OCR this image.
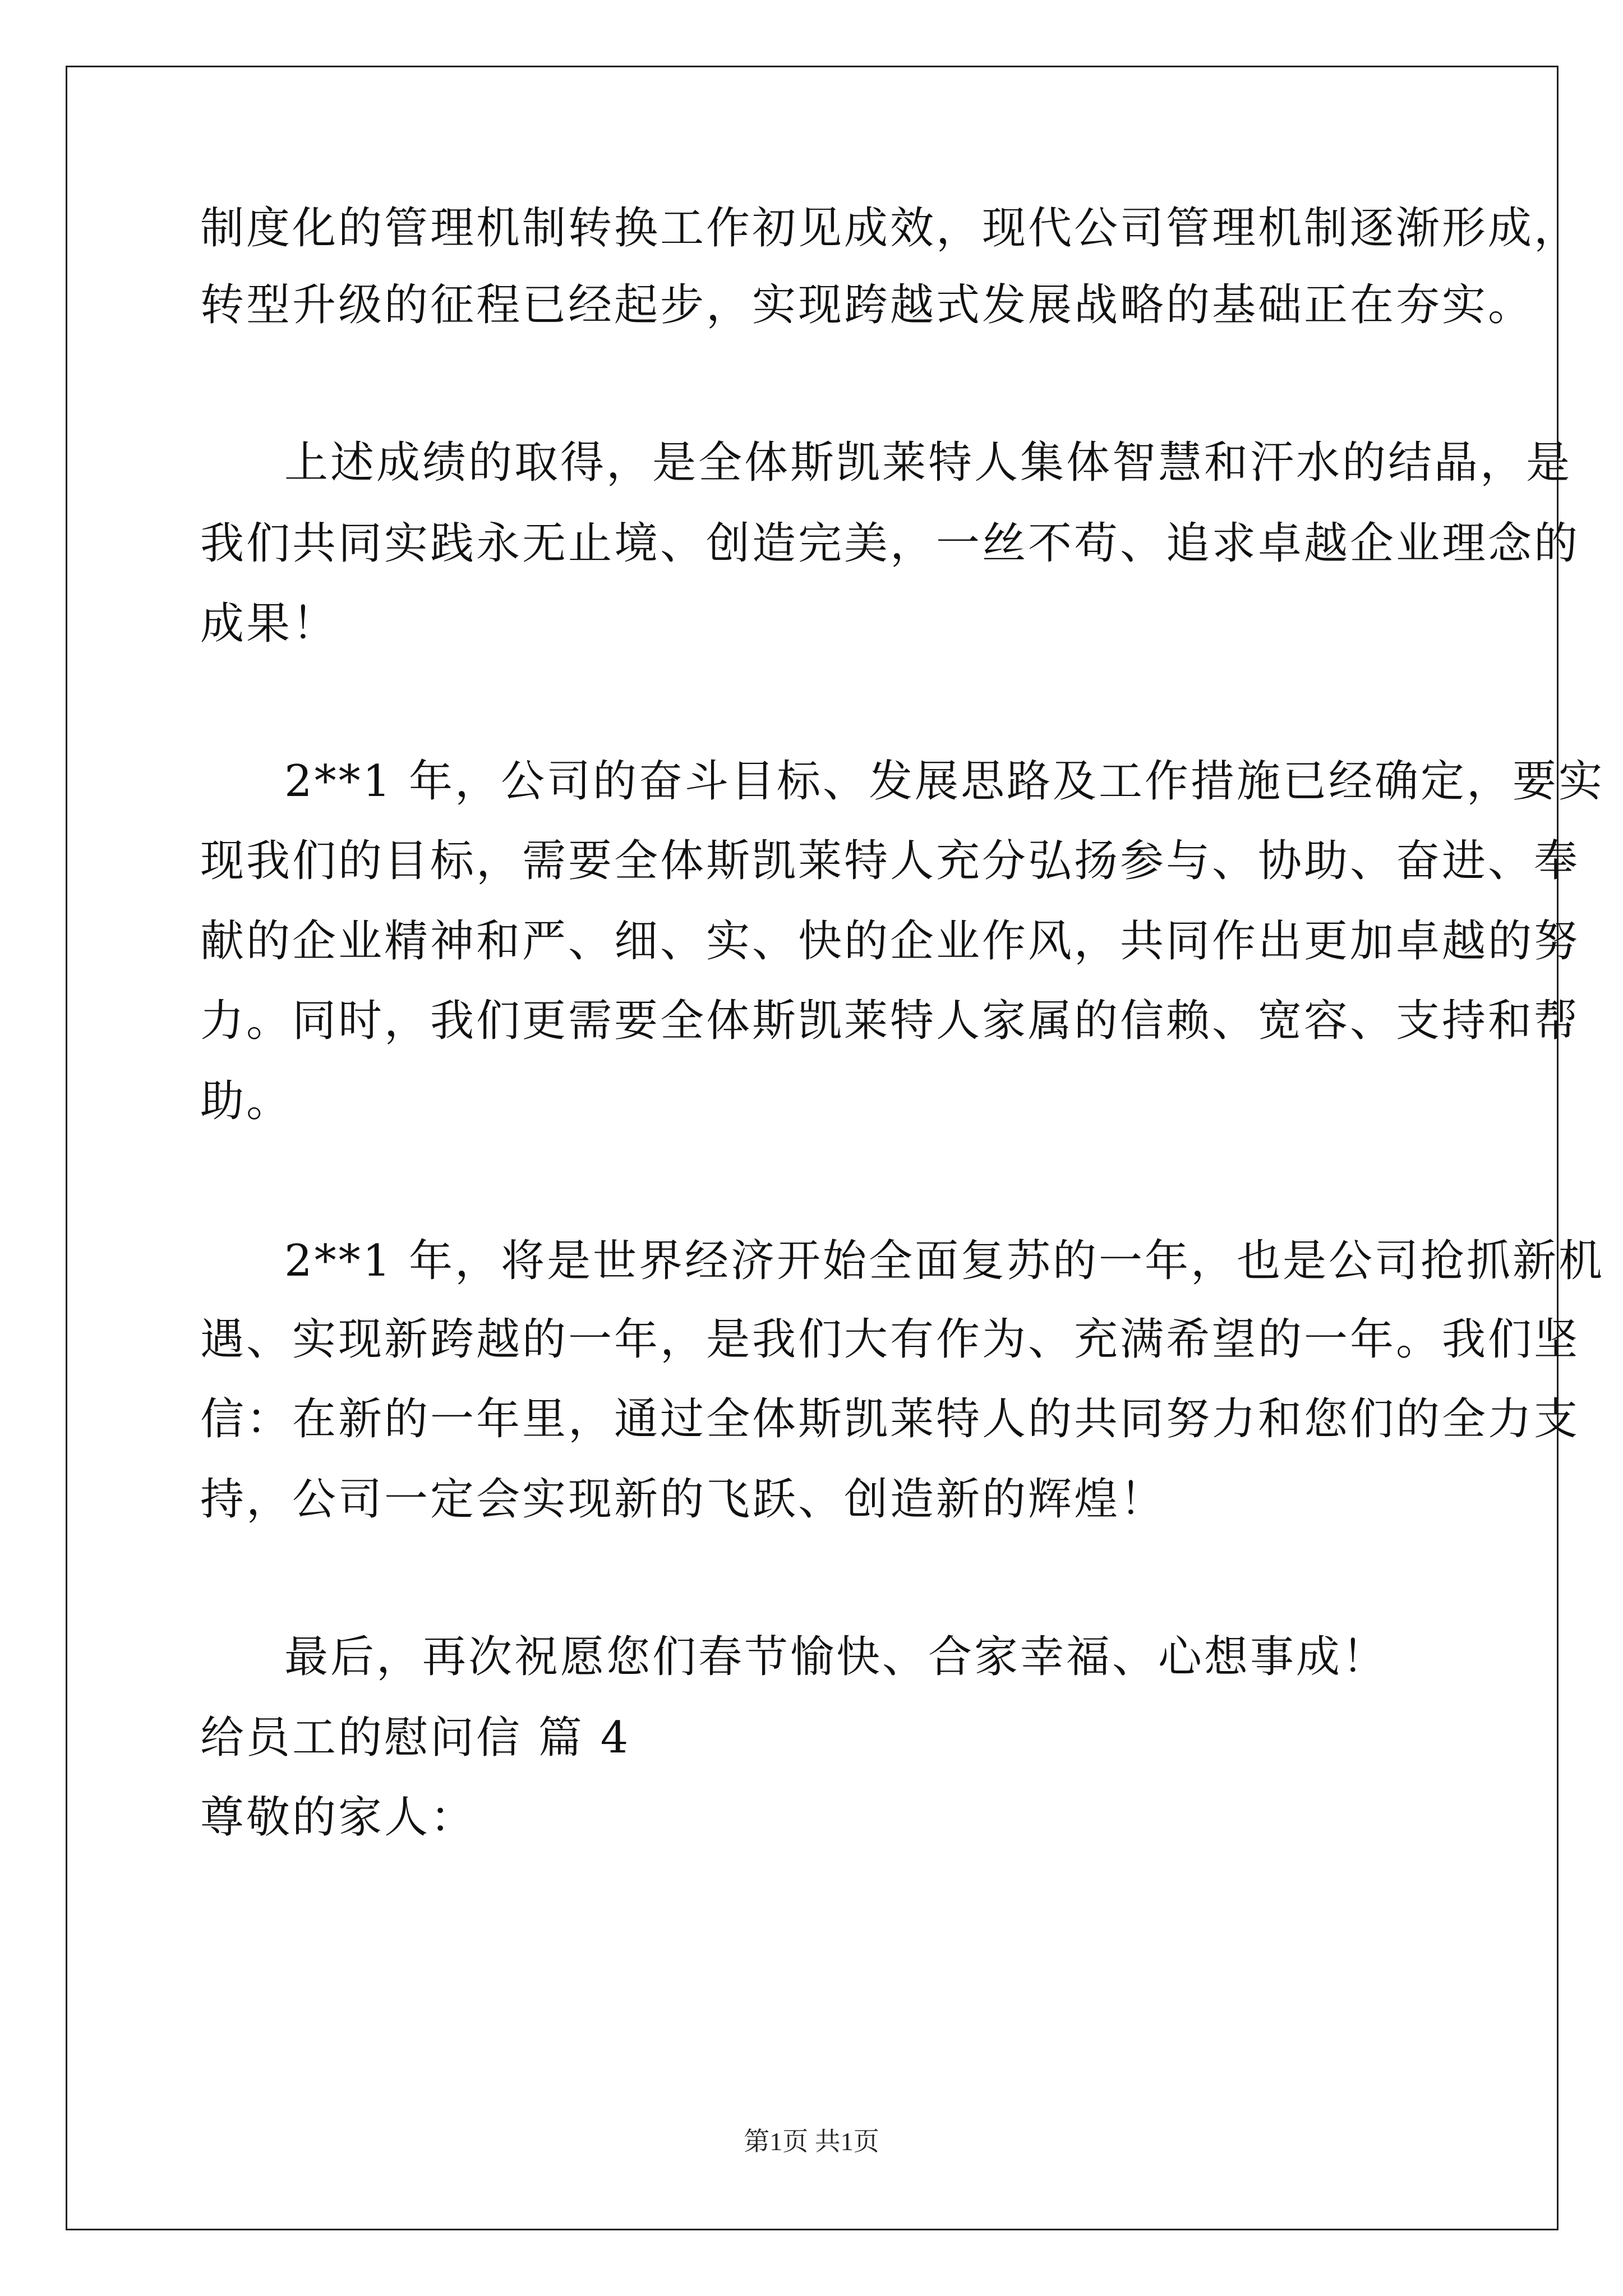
制度化的管理机制转换工作初见成效，现代公司管理机制逐渐形成，
转型升级的征程已经起步，实现跨越式发展战略的基础正在夯实。
上述成绩的取得，是全体斯凯莱特人集体智慧和汗水的结晶，是
我们共同实践永无止境、创造完美，一丝不苟、追求卓越企业理念的
成果！
2**1 年，公司的奋斗目标、发展思路及工作措施已经确定，要实
现我们的目标，需要全体斯凯莱特人充分弘扬参与、协助、奋进、奉
献的企业精神和严、细、实、快的企业作风，共同作出更加卓越的努
力。同时，我们更需要全体斯凯莱特人家属的信赖、宽容、支持和帮
助。
2**1 年，将是世界经济开始全面复苏的一年，也是公司抢抓新机
遇、实现新跨越的一年，是我们大有作为、充满希望的一年。我们坚
信：在新的一年里，通过全体斯凯莱特人的共同努力和您们的全力支
持，公司一定会实现新的飞跃、创造新的辉煌！
最后，再次祝愿您们春节愉快、合家幸福、心想事成！
给员工的慰问信 篇 4
尊敬的家人：
第1页 共1页
